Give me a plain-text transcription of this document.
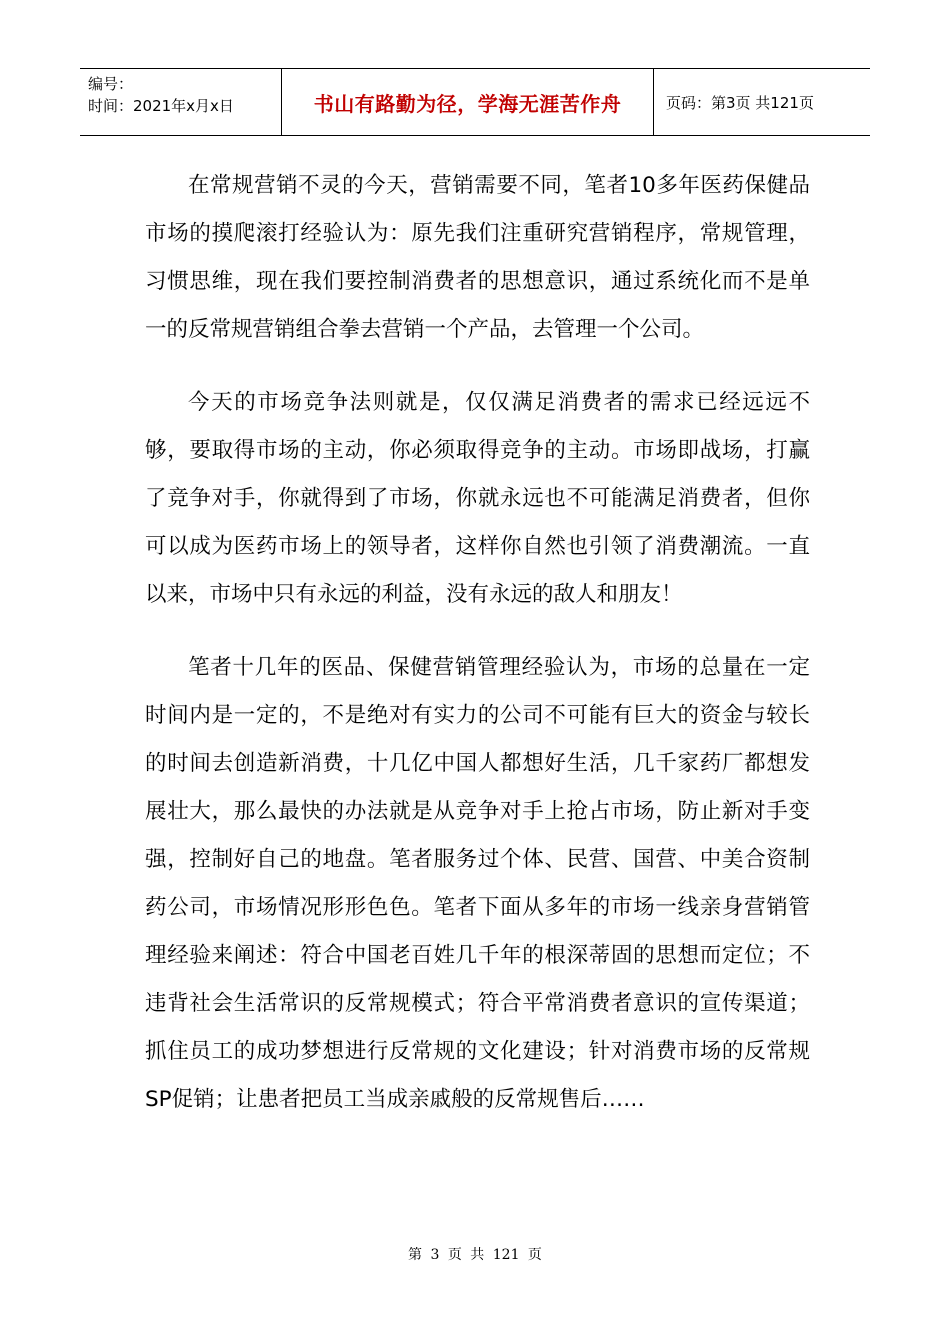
编号：
时间：2021年x月x日	书山有路勤为径，学海无涯苦作舟	页码：第3页 共121页

在常规营销不灵的今天，营销需要不同，笔者10多年医药保健品市场的摸爬滚打经验认为：原先我们注重研究营销程序，常规管理，习惯思维，现在我们要控制消费者的思想意识，通过系统化而不是单一的反常规营销组合拳去营销一个产品，去管理一个公司。

今天的市场竞争法则就是，仅仅满足消费者的需求已经远远不够，要取得市场的主动，你必须取得竞争的主动。市场即战场，打赢了竞争对手，你就得到了市场，你就永远也不可能满足消费者，但你可以成为医药市场上的领导者，这样你自然也引领了消费潮流。一直以来，市场中只有永远的利益，没有永远的敌人和朋友！

笔者十几年的医品、保健营销管理经验认为，市场的总量在一定时间内是一定的，不是绝对有实力的公司不可能有巨大的资金与较长的时间去创造新消费，十几亿中国人都想好生活，几千家药厂都想发展壮大，那么最快的办法就是从竞争对手上抢占市场，防止新对手变强，控制好自己的地盘。笔者服务过个体、民营、国营、中美合资制药公司，市场情况形形色色。笔者下面从多年的市场一线亲身营销管理经验来阐述：符合中国老百姓几千年的根深蒂固的思想而定位；不违背社会生活常识的反常规模式；符合平常消费者意识的宣传渠道；抓住员工的成功梦想进行反常规的文化建设；针对消费市场的反常规SP促销；让患者把员工当成亲戚般的反常规售后……

第 3 页 共 121 页
